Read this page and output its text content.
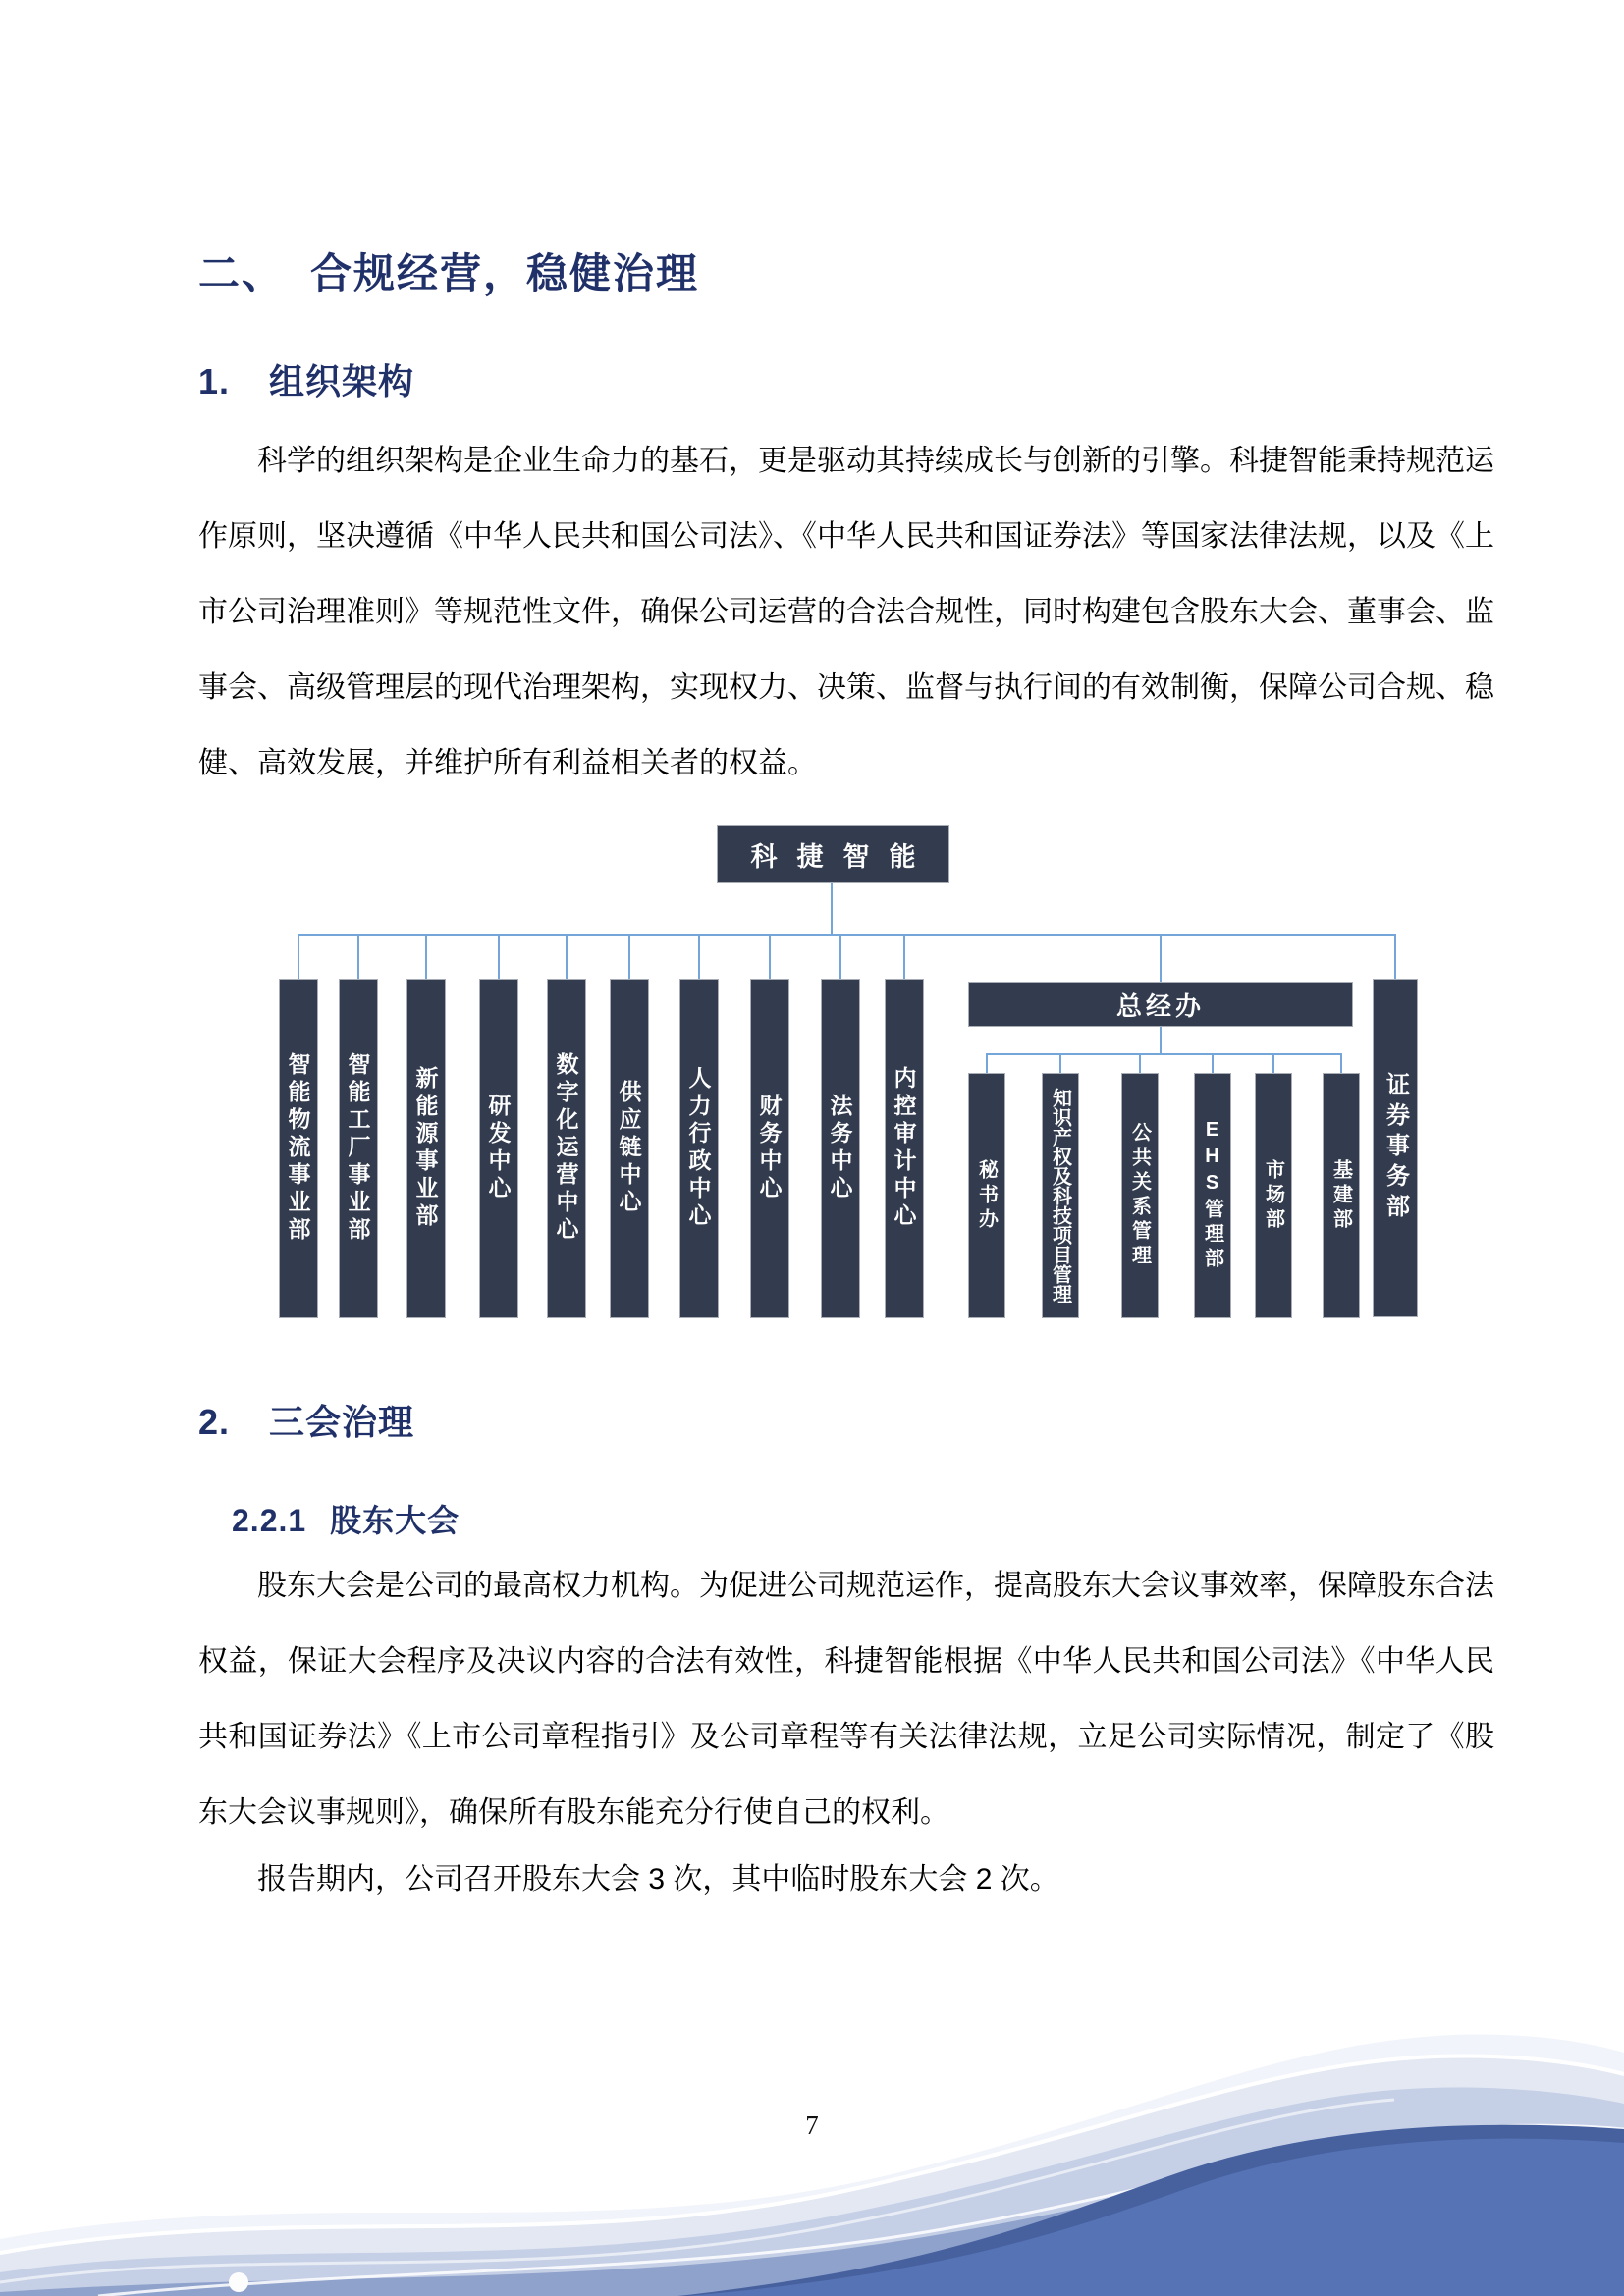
二、 合规经营，稳健治理
1. 组织架构

科学的组织架构是企业生命力的基石，更是驱动其持续成长与创新的引擎。科捷智能秉持规范运作原则，坚决遵循《中华人民共和国公司法》、《中华人民共和国证券法》等国家法律法规，以及《上市公司治理准则》等规范性文件，确保公司运营的合法合规性，同时构建包含股东大会、董事会、监事会、高级管理层的现代治理架构，实现权力、决策、监督与执行间的有效制衡，保障公司合规、稳健、高效发展，并维护所有利益相关者的权益。

科捷智能
智能物流事业部 智能工厂事业部 新能源事业部 研发中心 数字化运营中心 供应链中心 人力行政中心 财务中心 法务中心 内控审计中心
总经办
秘书办	知识产权及科技项目管理	公共关系管理	EHS管理部 市场部 基建部 证券事务部
2. 三会治理
2.2.1 股东大会

股东大会是公司的最高权力机构。为促进公司规范运作，提高股东大会议事效率，保障股东合法权益，保证大会程序及决议内容的合法有效性，科捷智能根据《中华人民共和国公司法》《中华人民共和国证券法》《上市公司章程指引》及公司章程等有关法律法规，立足公司实际情况，制定了《股东大会议事规则》，确保所有股东能充分行使自己的权利。

报告期内，公司召开股东大会 3 次，其中临时股东大会 2 次。

7
